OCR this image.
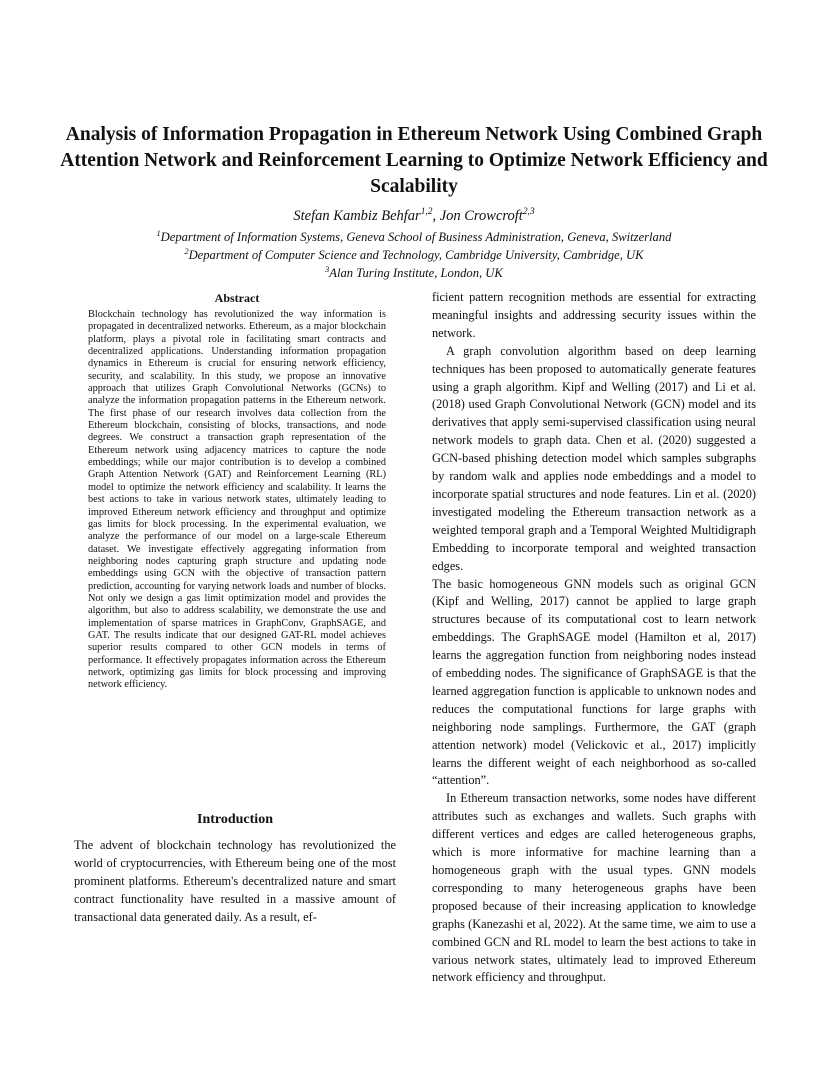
Analysis of Information Propagation in Ethereum Network Using Combined Graph Attention Network and Reinforcement Learning to Optimize Network Efficiency and Scalability

Stefan Kambiz Behfar$^{1,2}$, Jon Crowcroft$^{2,3}$

$^1$Department of Information Systems, Geneva School of Business Administration, Geneva, Switzerland

$^2$Department of Computer Science and Technology, Cambridge University, Cambridge, UK

$^3$Alan Turing Institute, London, UK

Abstract

Blockchain technology has revolutionized the way information is propagated in decentralized networks. Ethereum, as a major blockchain platform, plays a pivotal role in facilitating smart contracts and decentralized applications. Understanding information propagation dynamics in Ethereum is crucial for ensuring network efficiency, security, and scalability. In this study, we propose an innovative approach that utilizes Graph Convolutional Networks (GCNs) to analyze the information propagation patterns in the Ethereum network. The first phase of our research involves data collection from the Ethereum blockchain, consisting of blocks, transactions, and node degrees. We construct a transaction graph representation of the Ethereum network using adjacency matrices to capture the node embeddings; while our major contribution is to develop a combined Graph Attention Network (GAT) and Reinforcement Learning (RL) model to optimize the network efficiency and scalability. It learns the best actions to take in various network states, ultimately leading to improved Ethereum network efficiency and throughput and optimize gas limits for block processing. In the experimental evaluation, we analyze the performance of our model on a large-scale Ethereum dataset. We investigate effectively aggregating information from neighboring nodes capturing graph structure and updating node embeddings using GCN with the objective of transaction pattern prediction, accounting for varying network loads and number of blocks. Not only we design a gas limit optimization model and provides the algorithm, but also to address scalability, we demonstrate the use and implementation of sparse matrices in GraphConv, GraphSAGE, and GAT. The results indicate that our designed GAT-RL model achieves superior results compared to other GCN models in terms of performance. It effectively propagates information across the Ethereum network, optimizing gas limits for block processing and improving network efficiency.

Introduction

The advent of blockchain technology has revolutionized the world of cryptocurrencies, with Ethereum being one of the most prominent platforms. Ethereum's decentralized nature and smart contract functionality have resulted in a massive amount of transactional data generated daily. As a result, ef-

ficient pattern recognition methods are essential for extracting meaningful insights and addressing security issues within the network.

A graph convolution algorithm based on deep learning techniques has been proposed to automatically generate features using a graph algorithm. Kipf and Welling (2017) and Li et al. (2018) used Graph Convolutional Network (GCN) model and its derivatives that apply semi-supervised classification using neural network models to graph data. Chen et al. (2020) suggested a GCN-based phishing detection model which samples subgraphs by random walk and applies node embeddings and a model to incorporate spatial structures and node features. Lin et al. (2020) investigated modeling the Ethereum transaction network as a weighted temporal graph and a Temporal Weighted Multidigraph Embedding to incorporate temporal and weighted transaction edges.

The basic homogeneous GNN models such as original GCN (Kipf and Welling, 2017) cannot be applied to large graph structures because of its computational cost to learn network embeddings. The GraphSAGE model (Hamilton et al, 2017) learns the aggregation function from neighboring nodes instead of embedding nodes. The significance of GraphSAGE is that the learned aggregation function is applicable to unknown nodes and reduces the computational functions for large graphs with neighboring node samplings. Furthermore, the GAT (graph attention network) model (Velickovic et al., 2017) implicitly learns the different weight of each neighborhood as so-called “attention”.

In Ethereum transaction networks, some nodes have different attributes such as exchanges and wallets. Such graphs with different vertices and edges are called heterogeneous graphs, which is more informative for machine learning than a homogeneous graph with the usual types. GNN models corresponding to many heterogeneous graphs have been proposed because of their increasing application to knowledge graphs (Kanezashi et al, 2022). At the same time, we aim to use a combined GCN and RL model to learn the best actions to take in various network states, ultimately lead to improved Ethereum network efficiency and throughput.
